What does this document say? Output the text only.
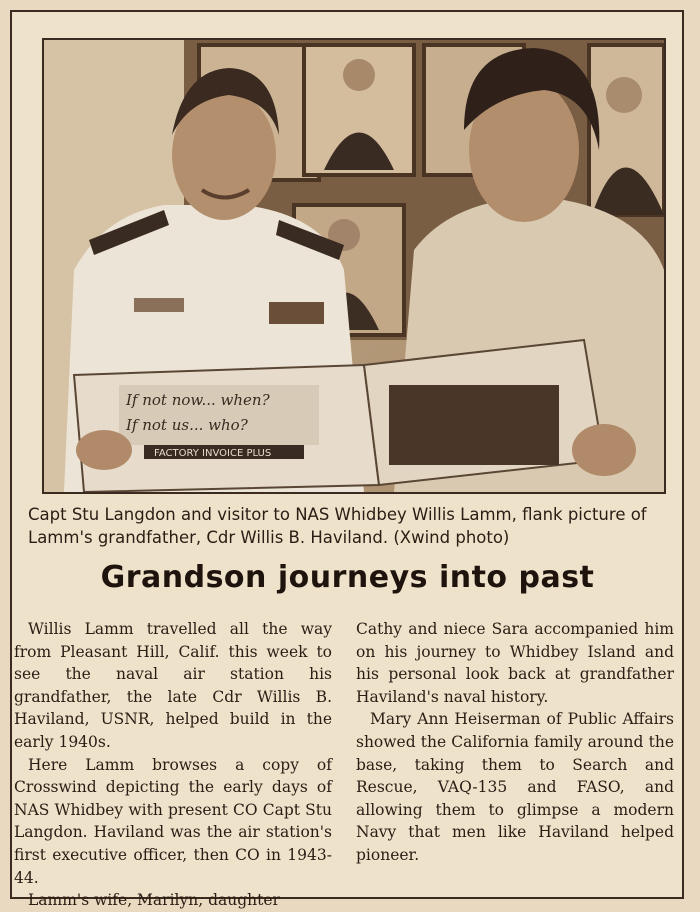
If not now... when?
If not us... who?
FACTORY INVOICE PLUS
Capt Stu Langdon and visitor to NAS Whidbey Willis Lamm, flank picture of Lamm's grandfather, Cdr Willis B. Haviland. (Xwind photo)
Grandson journeys into past

Willis Lamm travelled all the way from Pleasant Hill, Calif. this week to see the naval air station his grandfather, the late Cdr Willis B. Haviland, USNR, helped build in the early 1940s.

Here Lamm browses a copy of Crosswind depicting the early days of NAS Whidbey with present CO Capt Stu Langdon. Haviland was the air station's first executive officer, then CO in 1943-44.

Lamm's wife, Marilyn, daughter

Cathy and niece Sara accompanied him on his journey to Whidbey Island and his personal look back at grandfather Haviland's naval history.

Mary Ann Heiserman of Public Affairs showed the California family around the base, taking them to Search and Rescue, VAQ-135 and FASO, and allowing them to glimpse a modern Navy that men like Haviland helped pioneer.
